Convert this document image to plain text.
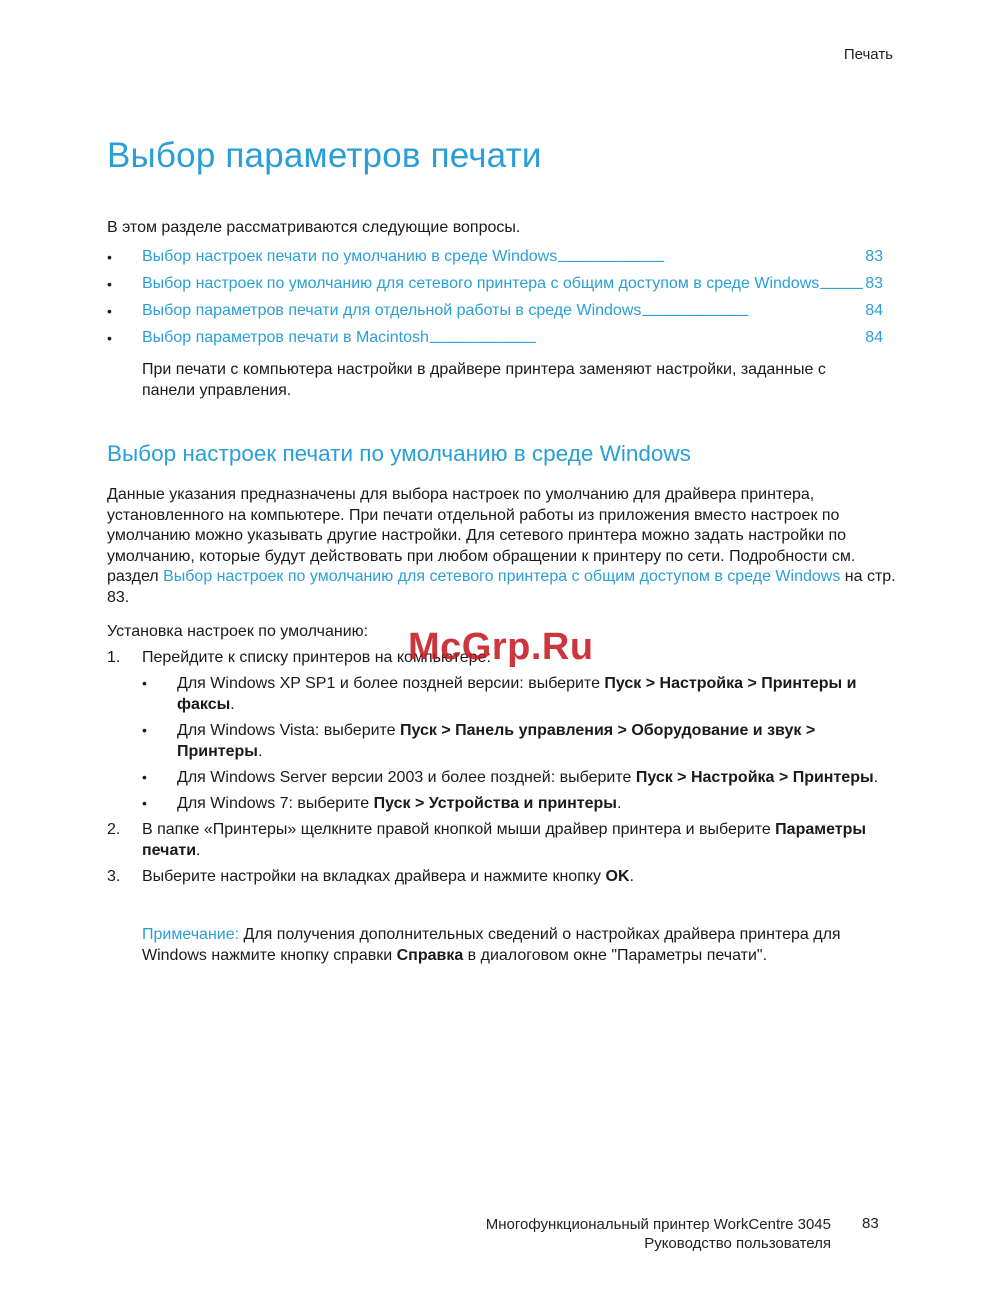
Печать
Выбор параметров печати
В этом разделе рассматриваются следующие вопросы.
• Выбор настроек печати по умолчанию в среде Windows . . .	83
• Выбор настроек по умолчанию для сетевого принтера с общим доступом в среде Windows . . .	83
• Выбор параметров печати для отдельной работы в среде Windows . . .	84
• Выбор параметров печати в Macintosh . . .	84
При печати с компьютера настройки в драйвере принтера заменяют настройки, заданные с панели управления.
Выбор настроек печати по умолчанию в среде Windows
Данные указания предназначены для выбора настроек по умолчанию для драйвера принтера, установленного на компьютере. При печати отдельной работы из приложения вместо настроек по умолчанию можно указывать другие настройки. Для сетевого принтера можно задать настройки по умолчанию, которые будут действовать при любом обращении к принтеру по сети. Подробности см. раздел Выбор настроек по умолчанию для сетевого принтера с общим доступом в среде Windows на стр. 83.
Установка настроек по умолчанию:
1. Перейдите к списку принтеров на компьютере:
• Для Windows XP SP1 и более поздней версии: выберите Пуск > Настройка > Принтеры и факсы.
• Для Windows Vista: выберите Пуск > Панель управления > Оборудование и звук > Принтеры.
• Для Windows Server версии 2003 и более поздней: выберите Пуск > Настройка > Принтеры.
• Для Windows 7: выберите Пуск > Устройства и принтеры.
2. В папке «Принтеры» щелкните правой кнопкой мыши драйвер принтера и выберите Параметры печати.
3. Выберите настройки на вкладках драйвера и нажмите кнопку OK.
Примечание: Для получения дополнительных сведений о настройках драйвера принтера для Windows нажмите кнопку справки Справка в диалоговом окне "Параметры печати".
McGrp.Ru
Многофункциональный принтер WorkCentre 3045
Руководство пользователя
83
